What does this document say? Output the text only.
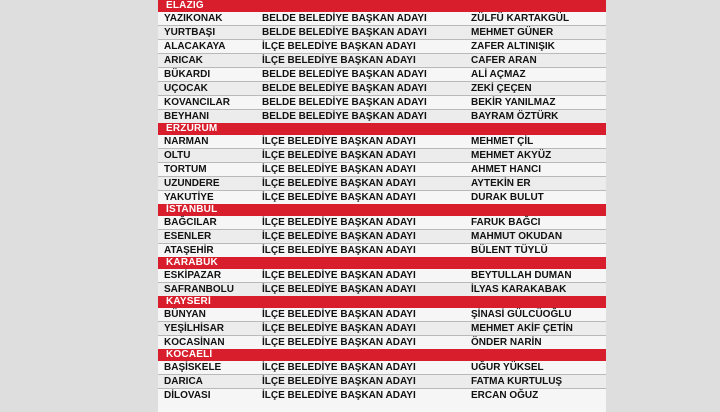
ELAZIĞ
YAZIKONAK	BELDE BELEDİYE BAŞKAN ADAYI	ZÜLFÜ KARTAKGÜL
YURTBAŞI	BELDE BELEDİYE BAŞKAN ADAYI	MEHMET GÜNER
ALACAKAYA	İLÇE BELEDİYE BAŞKAN ADAYI	ZAFER ALTINIŞIK
ARICAK	İLÇE BELEDİYE BAŞKAN ADAYI	CAFER ARAN
BÜKARDI	BELDE BELEDİYE BAŞKAN ADAYI	ALİ AÇMAZ
UÇOCAK	BELDE BELEDİYE BAŞKAN ADAYI	ZEKİ ÇEÇEN
KOVANCILAR	BELDE BELEDİYE BAŞKAN ADAYI	BEKİR YANILMAZ
BEYHANI	BELDE BELEDİYE BAŞKAN ADAYI	BAYRAM ÖZTÜRK
ERZURUM
NARMAN	İLÇE BELEDİYE BAŞKAN ADAYI	MEHMET ÇİL
OLTU	İLÇE BELEDİYE BAŞKAN ADAYI	MEHMET AKYÜZ
TORTUM	İLÇE BELEDİYE BAŞKAN ADAYI	AHMET HANCI
UZUNDERE	İLÇE BELEDİYE BAŞKAN ADAYI	AYTEKİN ER
YAKUTİYE	İLÇE BELEDİYE BAŞKAN ADAYI	DURAK BULUT
İSTANBUL
BAĞCILAR	İLÇE BELEDİYE BAŞKAN ADAYI	FARUK BAĞCI
ESENLER	İLÇE BELEDİYE BAŞKAN ADAYI	MAHMUT OKUDAN
ATAŞEHİR	İLÇE BELEDİYE BAŞKAN ADAYI	BÜLENT TÜYLÜ
KARABÜK
ESKİPAZAR	İLÇE BELEDİYE BAŞKAN ADAYI	BEYTULLAH DUMAN
SAFRANBOLU	İLÇE BELEDİYE BAŞKAN ADAYI	İLYAS KARAKABAK
KAYSERİ
BÜNYAN	İLÇE BELEDİYE BAŞKAN ADAYI	ŞİNASİ GÜLCÜOĞLU
YEŞİLHİSAR	İLÇE BELEDİYE BAŞKAN ADAYI	MEHMET AKİF ÇETİN
KOCASİNAN	İLÇE BELEDİYE BAŞKAN ADAYI	ÖNDER NARİN
KOCAELİ
BAŞİSKELE	İLÇE BELEDİYE BAŞKAN ADAYI	UĞUR YÜKSEL
DARICA	İLÇE BELEDİYE BAŞKAN ADAYI	FATMA KURTULUŞ
DİLOVASI	İLÇE BELEDİYE BAŞKAN ADAYI	ERCAN OĞUZ
